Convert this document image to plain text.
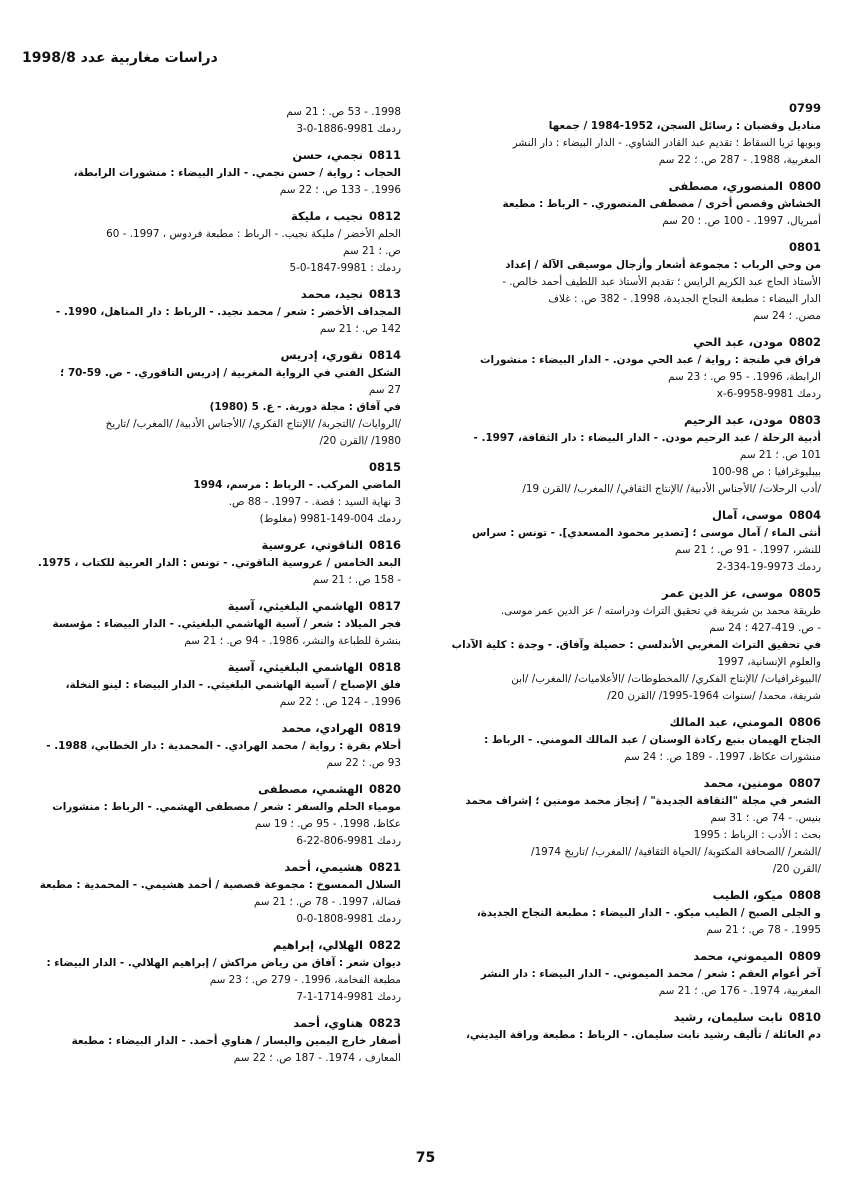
دراسات مغاربية عدد 1998/8
0799

مناديل وقضبان : رسائل السجن، 1952-1984 / جمعها

وبوبها ثريا السقاط ؛ تقديم عبد القادر الشاوي. - الدار البيضاء : دار النشر

المغربية، 1988. - 287 ص. ؛ 22 سم

0800المنصوري، مصطفى

الخشاش وقصص أخرى / مصطفى المنصوري. - الرباط : مطبعة

أمبريال، 1997. - 100 ص. ؛ 20 سم

0801

من وحي الرباب : مجموعة أشعار وأزجال موسيقى الآلة / إعداد

الأستاذ الحاج عبد الكريم الرايس ؛ تقديم الأستاذ عبد اللطيف أحمد خالص. -

الدار البيضاء : مطبعة النجاح الجديدة، 1998. - 382 ص. : غلاف

مصن. ؛ 24 سم

0802مودن، عبد الحي

فراق في طنجة : رواية / عبد الحي مودن. - الدار البيضاء : منشورات

الرابطة، 1996. - 95 ص. ؛ 23 سم

ردمك 9981-9958-6-x

0803مودن، عبد الرحيم

أدبية الرحلة / عبد الرحيم مودن. - الدار البيضاء : دار الثقافة، 1997. -

101 ص. ؛ 21 سم

بيبليوغرافيا : ص 98-100

/أدب الرحلات/ /الأجناس الأدبية/ /الإنتاج الثقافي/ /المغرب/ /القرن 19/

0804موسى، آمال

أنثى الماء / آمال موسى ؛ [تصدير محمود المسعدي]. - تونس : سراس

للنشر، 1997. - 91 ص. ؛ 21 سم

ردمك 9973-19-334-2

0805موسى، عز الدين عمر

طريقة محمد بن شريفة في تحقيق التراث ودراسته / عز الدين عمر موسى.

- ص. 419-427 ؛ 24 سم

في تحقيق التراث المغربي الأندلسي : حصيلة وآفاق. - وجدة : كلية الآداب

والعلوم الإنسانية، 1997

/البيوغرافيات/ /الإنتاج الفكري/ /المخطوطات/ /الأعلاميات/ /المغرب/ /ابن

شريفة، محمد/ /سنوات 1964-1995/ /القرن 20/

0806المومني، عبد المالك

الجناح الهيمان بنبع ركادة الوسنان / عبد المالك المومني. - الرباط :

منشورات عكاظ، 1997. - 189 ص. ؛ 24 سم

0807مومنين، محمد

الشعر في مجلة "الثقافة الجديدة" / إنجاز محمد مومنين ؛ إشراف محمد

بنيس. - 74 ص. ؛ 31 سم

بحث : الأدب : الرباط : 1995

/الشعر/ /الصحافة المكتوبة/ /الحياة الثقافية/ /المغرب/ /تاريخ 1974/

/القرن 20/

0808ميكو، الطيب

و الجلى الصبح / الطيب ميكو. - الدار البيضاء : مطبعة النجاح الجديدة،

1995. - 78 ص. ؛ 21 سم

0809الميموني، محمد

آخر أعوام العقم : شعر / محمد الميموني. - الدار البيضاء : دار النشر

المغربية، 1974. - 176 ص. ؛ 21 سم

0810نابت سليمان، رشيد

دم العائلة / تأليف رشيد نابت سليمان. - الرباط : مطبعة وراقة اليديني،

1998. - 53 ص. ؛ 21 سم

ردمك 9981-1886-0-3

0811نجمي، حسن

الحجاب : رواية / حسن نجمي. - الدار البيضاء : منشورات الرابطة،

1996. - 133 ص. ؛ 22 سم

0812نجيب ، مليكة

الحلم الأخضر / مليكة نجيب. - الرباط : مطبعة فردوس ، 1997. - 60

ص. ؛ 21 سم

ردمك : 9981-1847-0-5

0813نجيد، محمد

المجداف الأخضر : شعر / محمد نجيد. - الرباط : دار المناهل، 1990. -

142 ص. ؛ 21 سم

0814نقوري، إدريس

الشكل الفني في الرواية المغربية / إدريس الناقوري. - ص. 59-70 ؛

27 سم

في آفاق : مجلة دورية. - ع. 5 (1980)

/الروايات/ /التجربة/ /الإنتاج الفكري/ /الأجناس الأدبية/ /المغرب/ /تاريخ

1980/ /القرن 20/

0815

الماضي المركب. - الرباط : مرسم، 1994

3 نهاية السيد : قصة. - 1997. - 88 ص.

ردمك 004-149-9981 (مغلوط)

0816الناقوتي، عروسية

البعد الخامس / عروسية الناقوتي. - تونس : الدار العربية للكتاب ، 1975.

- 158 ص. ؛ 21 سم

0817الهاشمي البلغيثي، آسية

فجر الميلاد : شعر / آسية الهاشمي البلغيثي. - الدار البيضاء : مؤسسة

بنشرة للطباعة والنشر، 1986. - 94 ص. ؛ 21 سم

0818الهاشمي البلغيثي، آسية

فلق الإصباح / آسية الهاشمي البلغيثي. - الدار البيضاء : لينو النخلة،

1996. - 124 ص. ؛ 22 سم

0819الهرادي، محمد

أحلام بقرة : رواية / محمد الهرادي. - المحمدية : دار الخطابي، 1988. -

93 ص. ؛ 22 سم

0820الهشمي، مصطفى

مومياء الحلم والسفر : شعر / مصطفى الهشمي. - الرباط : منشورات

عكاظ، 1998. - 95 ص. ؛ 19 سم

ردمك 9981-806-22-6

0821هشيمي، أحمد

السلال الممسوخ : مجموعة قصصية / أحمد هشيمي. - المحمدية : مطبعة

فضالة، 1997. - 78 ص. ؛ 21 سم

ردمك 9981-1808-0-0

0822الهلالي، إبراهيم

ديوان شعر : آفاق من رياض مراكش / إبراهيم الهلالي. - الدار البيضاء :

مطبعة الفخامة، 1996. - 279 ص. ؛ 23 سم

ردمك 9981-1714-1-7

0823هناوي، أحمد

أصفار خارج اليمين واليسار / هناوي أحمد. - الدار البيضاء : مطبعة

المعارف ، 1974. - 187 ص. ؛ 22 سم

75
